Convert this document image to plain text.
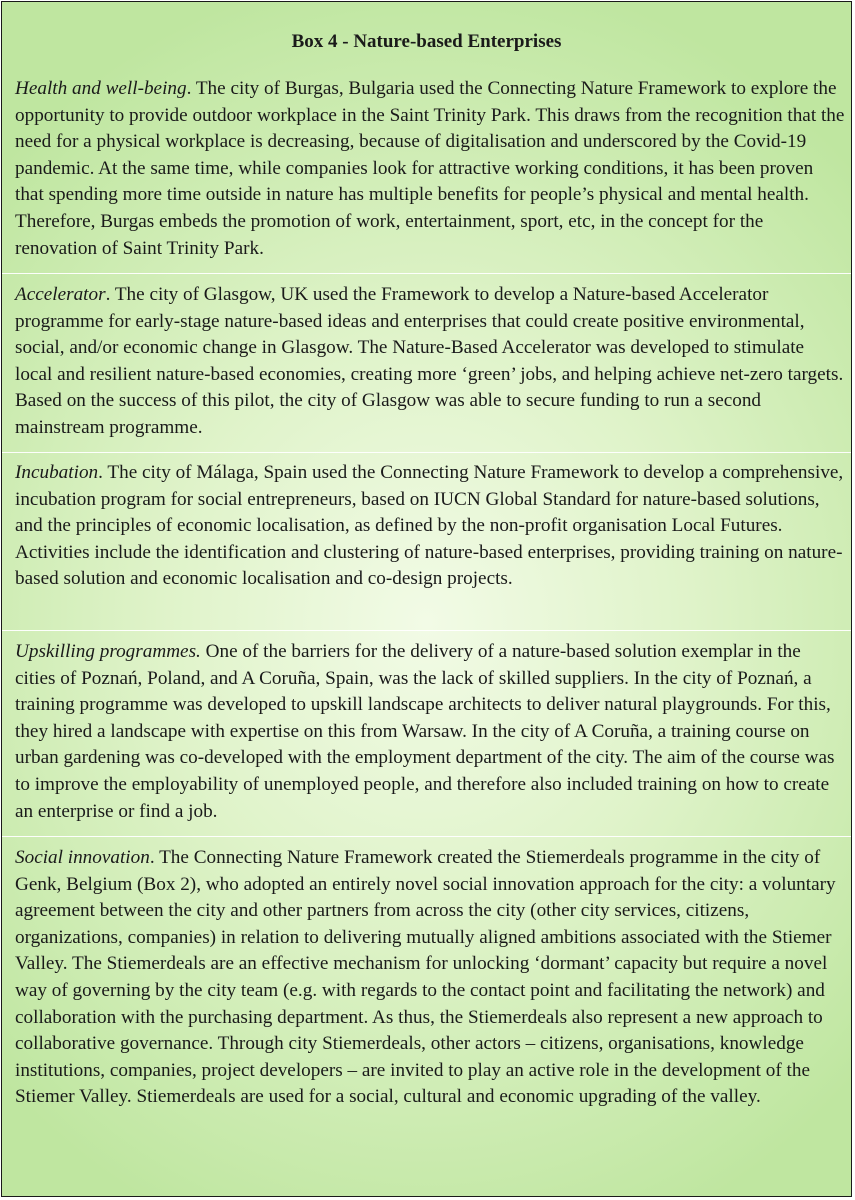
Box 4 - Nature-based Enterprises

Health and well-being. The city of Burgas, Bulgaria used the Connecting Nature Framework to explore the opportunity to provide outdoor workplace in the Saint Trinity Park. This draws from the recognition that the need for a physical workplace is decreasing, because of digitalisation and underscored by the Covid-19 pandemic. At the same time, while companies look for attractive working conditions, it has been proven that spending more time outside in nature has multiple benefits for people’s physical and mental health. Therefore, Burgas embeds the promotion of work, entertainment, sport, etc, in the concept for the renovation of Saint Trinity Park.

Accelerator. The city of Glasgow, UK used the Framework to develop a Nature-based Accelerator programme for early-stage nature-based ideas and enterprises that could create positive environmental, social, and/or economic change in Glasgow. The Nature-Based Accelerator was developed to stimulate local and resilient nature-based economies, creating more ‘green’ jobs, and helping achieve net-zero targets. Based on the success of this pilot, the city of Glasgow was able to secure funding to run a second mainstream programme.

Incubation. The city of Málaga, Spain used the Connecting Nature Framework to develop a comprehensive, incubation program for social entrepreneurs, based on IUCN Global Standard for nature-based solutions, and the principles of economic localisation, as defined by the non-profit organisation Local Futures. Activities include the identification and clustering of nature-based enterprises, providing training on nature-based solution and economic localisation and co-design projects.

Upskilling programmes. One of the barriers for the delivery of a nature-based solution exemplar in the cities of Poznań, Poland, and A Coruña, Spain, was the lack of skilled suppliers. In the city of Poznań, a training programme was developed to upskill landscape architects to deliver natural playgrounds. For this, they hired a landscape with expertise on this from Warsaw. In the city of A Coruña, a training course on urban gardening was co-developed with the employment department of the city. The aim of the course was to improve the employability of unemployed people, and therefore also included training on how to create an enterprise or find a job.

Social innovation. The Connecting Nature Framework created the Stiemerdeals programme in the city of Genk, Belgium (Box 2), who adopted an entirely novel social innovation approach for the city: a voluntary agreement between the city and other partners from across the city (other city services, citizens, organizations, companies) in relation to delivering mutually aligned ambitions associated with the Stiemer Valley. The Stiemerdeals are an effective mechanism for unlocking ‘dormant’ capacity but require a novel way of governing by the city team (e.g. with regards to the contact point and facilitating the network) and collaboration with the purchasing department. As thus, the Stiemerdeals also represent a new approach to collaborative governance. Through city Stiemerdeals, other actors – citizens, organisations, knowledge institutions, companies, project developers – are invited to play an active role in the development of the Stiemer Valley. Stiemerdeals are used for a social, cultural and economic upgrading of the valley.
